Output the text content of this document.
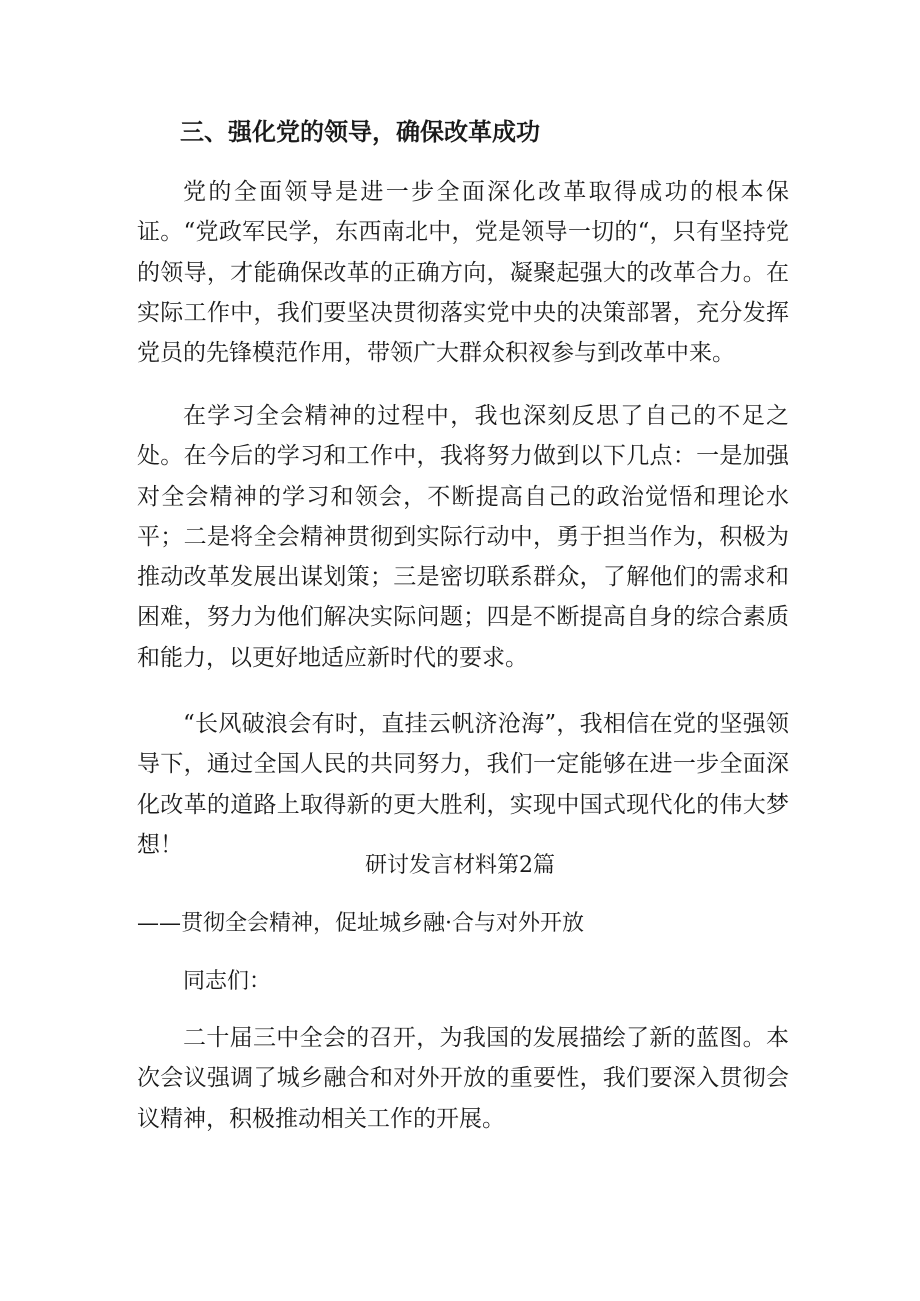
三、强化党的领导，确保改革成功

党的全面领导是进一步全面深化改革取得成功的根本保证。“党政军民学，东西南北中，党是领导一切的“，只有坚持党的领导，才能确保改革的正确方向，凝聚起强大的改革合力。在实际工作中，我们要坚决贯彻落实党中央的决策部署，充分发挥党员的先锋模范作用，带领广大群众积衩参与到改革中来。

在学习全会精神的过程中，我也深刻反思了自己的不足之处。在今后的学习和工作中，我将努力做到以下几点：一是加强对全会精神的学习和领会，不断提高自己的政治觉悟和理论水平；二是将全会精神贯彻到实际行动中，勇于担当作为，积极为推动改革发展出谋划策；三是密切联系群众，了解他们的需求和困难，努力为他们解决实际问题；四是不断提高自身的综合素质和能力，以更好地适应新时代的要求。

“长风破浪会有时，直挂云帆济沧海”，我相信在党的坚强领导下，通过全国人民的共同努力，我们一定能够在进一步全面深化改革的道路上取得新的更大胜利，实现中国式现代化的伟大梦想！

研讨发言材料第2篇

——贯彻全会精神，促址城乡融·合与对外开放

同志们：

二十届三中全会的召开，为我国的发展描绘了新的蓝图。本次会议强调了城乡融合和对外开放的重要性，我们要深入贯彻会议精神，积极推动相关工作的开展。
